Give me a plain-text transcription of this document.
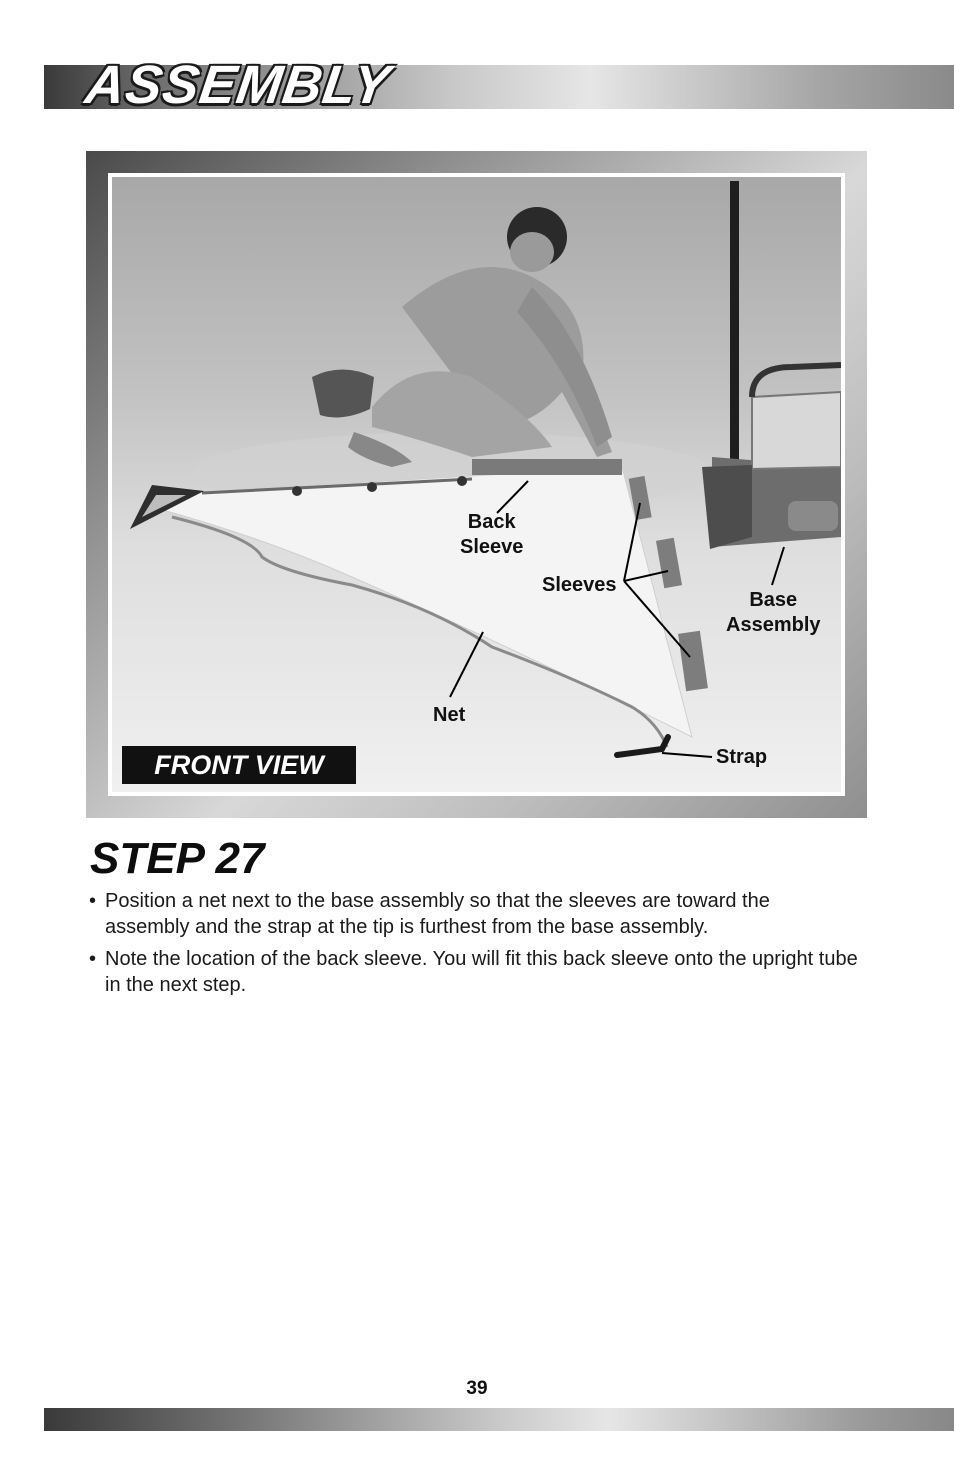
ASSEMBLY
Back
Sleeve
Sleeves
Base
Assembly
Net
Strap
FRONT VIEW
STEP 27
• Position a net next to the base assembly so that the sleeves are toward the assembly and the strap at the tip is furthest from the base assembly.
• Note the location of the back sleeve. You will fit this back sleeve onto the upright tube in the next step.
39
